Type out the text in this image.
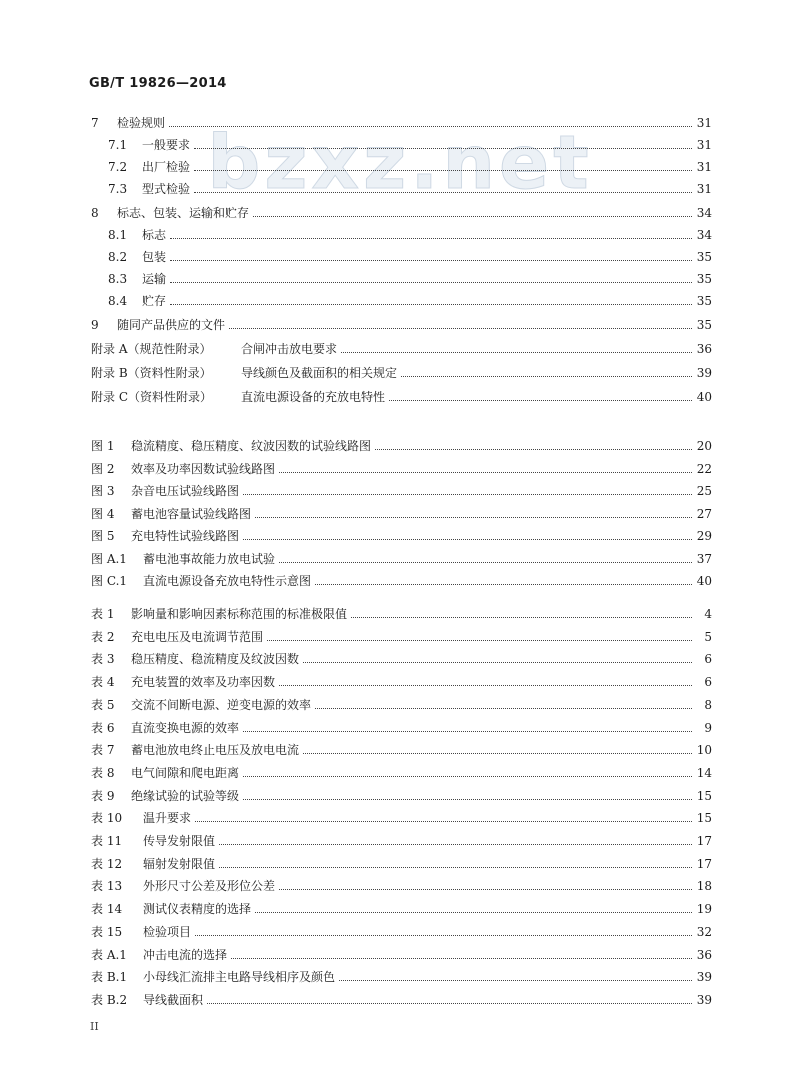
GB/T 19826—2014
bzxz.net
7	检验规则	31
7.1	一般要求	31
7.2	出厂检验	31
7.3	型式检验	31
8	标志、包装、运输和贮存	34
8.1	标志	34
8.2	包装	35
8.3	运输	35
8.4	贮存	35
9	随同产品供应的文件	35
附录 A（规范性附录）	合闸冲击放电要求	36
附录 B（资料性附录）	导线颜色及截面积的相关规定	39
附录 C（资料性附录）	直流电源设备的充放电特性	40
图 1	稳流精度、稳压精度、纹波因数的试验线路图	20
图 2	效率及功率因数试验线路图	22
图 3	杂音电压试验线路图	25
图 4	蓄电池容量试验线路图	27
图 5	充电特性试验线路图	29
图 A.1	蓄电池事故能力放电试验	37
图 C.1	直流电源设备充放电特性示意图	40
表 1	影响量和影响因素标称范围的标准极限值	4
表 2	充电电压及电流调节范围	5
表 3	稳压精度、稳流精度及纹波因数	6
表 4	充电装置的效率及功率因数	6
表 5	交流不间断电源、逆变电源的效率	8
表 6	直流变换电源的效率	9
表 7	蓄电池放电终止电压及放电电流	10
表 8	电气间隙和爬电距离	14
表 9	绝缘试验的试验等级	15
表 10	温升要求	15
表 11	传导发射限值	17
表 12	辐射发射限值	17
表 13	外形尺寸公差及形位公差	18
表 14	测试仪表精度的选择	19
表 15	检验项目	32
表 A.1	冲击电流的选择	36
表 B.1	小母线汇流排主电路导线相序及颜色	39
表 B.2	导线截面积	39
II
